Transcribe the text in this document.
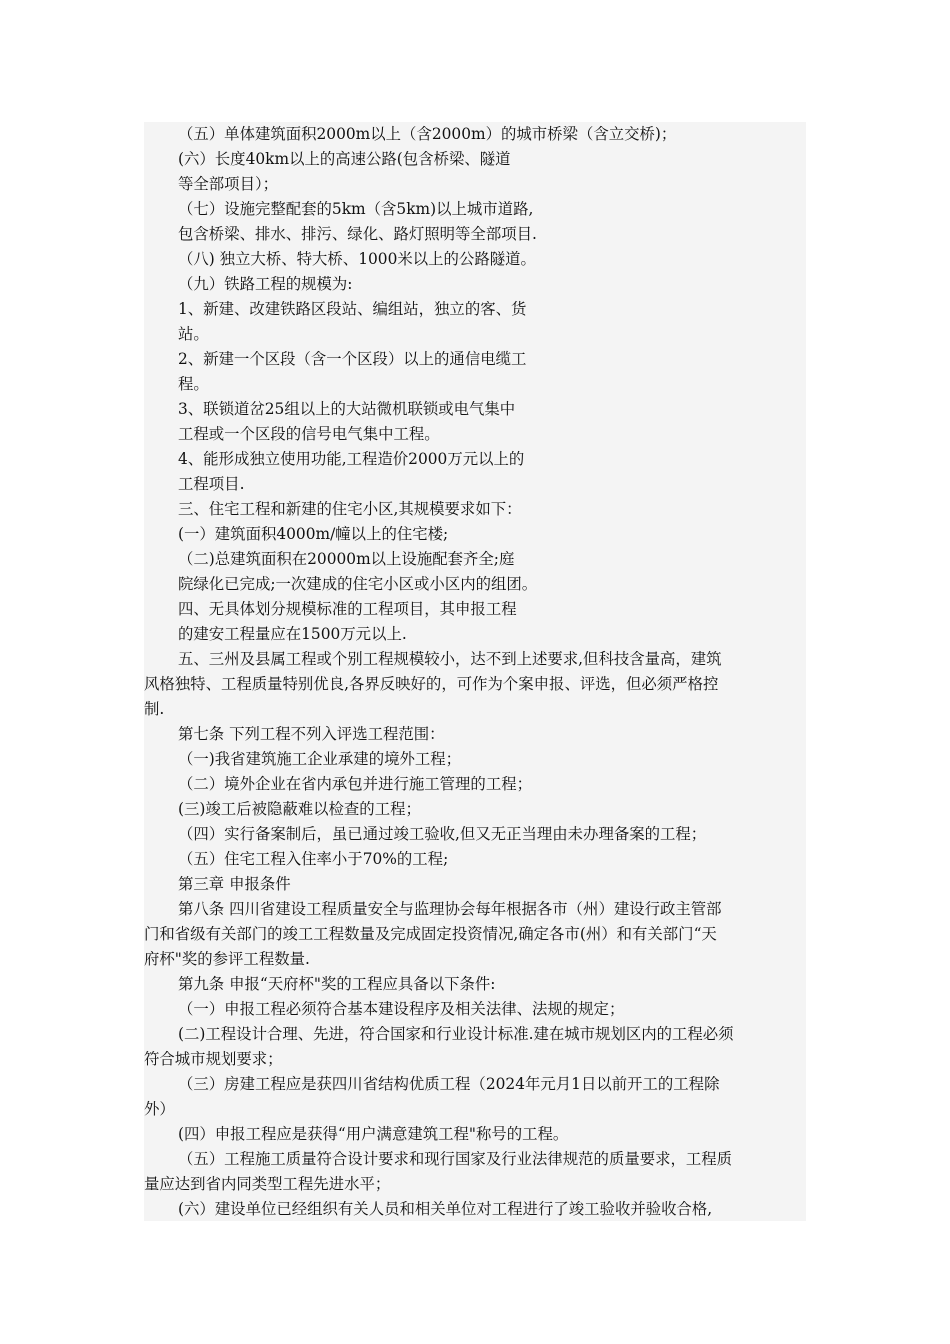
（五）单体建筑面积2000m以上（含2000m）的城市桥梁（含立交桥)；
(六）长度40km以上的高速公路(包含桥梁、隧道
等全部项目）；
（七）设施完整配套的5km（含5km)以上城市道路,
包含桥梁、排水、排污、绿化、路灯照明等全部项目.
（八) 独立大桥、特大桥、1000米以上的公路隧道。
（九）铁路工程的规模为:
1、新建、改建铁路区段站、编组站，独立的客、货
站。
2、新建一个区段（含一个区段）以上的通信电缆工
程。
3、联锁道岔25组以上的大站微机联锁或电气集中
工程或一个区段的信号电气集中工程。
4、能形成独立使用功能,工程造价2000万元以上的
工程项目.
三、住宅工程和新建的住宅小区,其规模要求如下：
(一）建筑面积4000m/幢以上的住宅楼;
（二)总建筑面积在20000m以上设施配套齐全;庭
院绿化已完成;一次建成的住宅小区或小区内的组团。
四、无具体划分规模标准的工程项目，其申报工程
的建安工程量应在1500万元以上.
五、三州及县属工程或个别工程规模较小，达不到上述要求,但科技含量高，建筑
风格独特、工程质量特别优良,各界反映好的，可作为个案申报、评选，但必须严格控
制.
第七条 下列工程不列入评选工程范围：
（一)我省建筑施工企业承建的境外工程；
（二）境外企业在省内承包并进行施工管理的工程；
(三)竣工后被隐蔽难以检查的工程；
（四）实行备案制后，虽已通过竣工验收,但又无正当理由未办理备案的工程；
（五）住宅工程入住率小于70%的工程;
第三章 申报条件
第八条 四川省建设工程质量安全与监理协会每年根据各市（州）建设行政主管部
门和省级有关部门的竣工工程数量及完成固定投资情况,确定各市(州）和有关部门“天
府杯"奖的参评工程数量.
第九条 申报“天府杯"奖的工程应具备以下条件:
（一）申报工程必须符合基本建设程序及相关法律、法规的规定；
(二)工程设计合理、先进，符合国家和行业设计标准.建在城市规划区内的工程必须
符合城市规划要求；
（三）房建工程应是获四川省结构优质工程（2024年元月1日以前开工的工程除
外）
(四）申报工程应是获得“用户满意建筑工程"称号的工程。
（五）工程施工质量符合设计要求和现行国家及行业法律规范的质量要求，工程质
量应达到省内同类型工程先进水平；
(六）建设单位已经组织有关人员和相关单位对工程进行了竣工验收并验收合格,
